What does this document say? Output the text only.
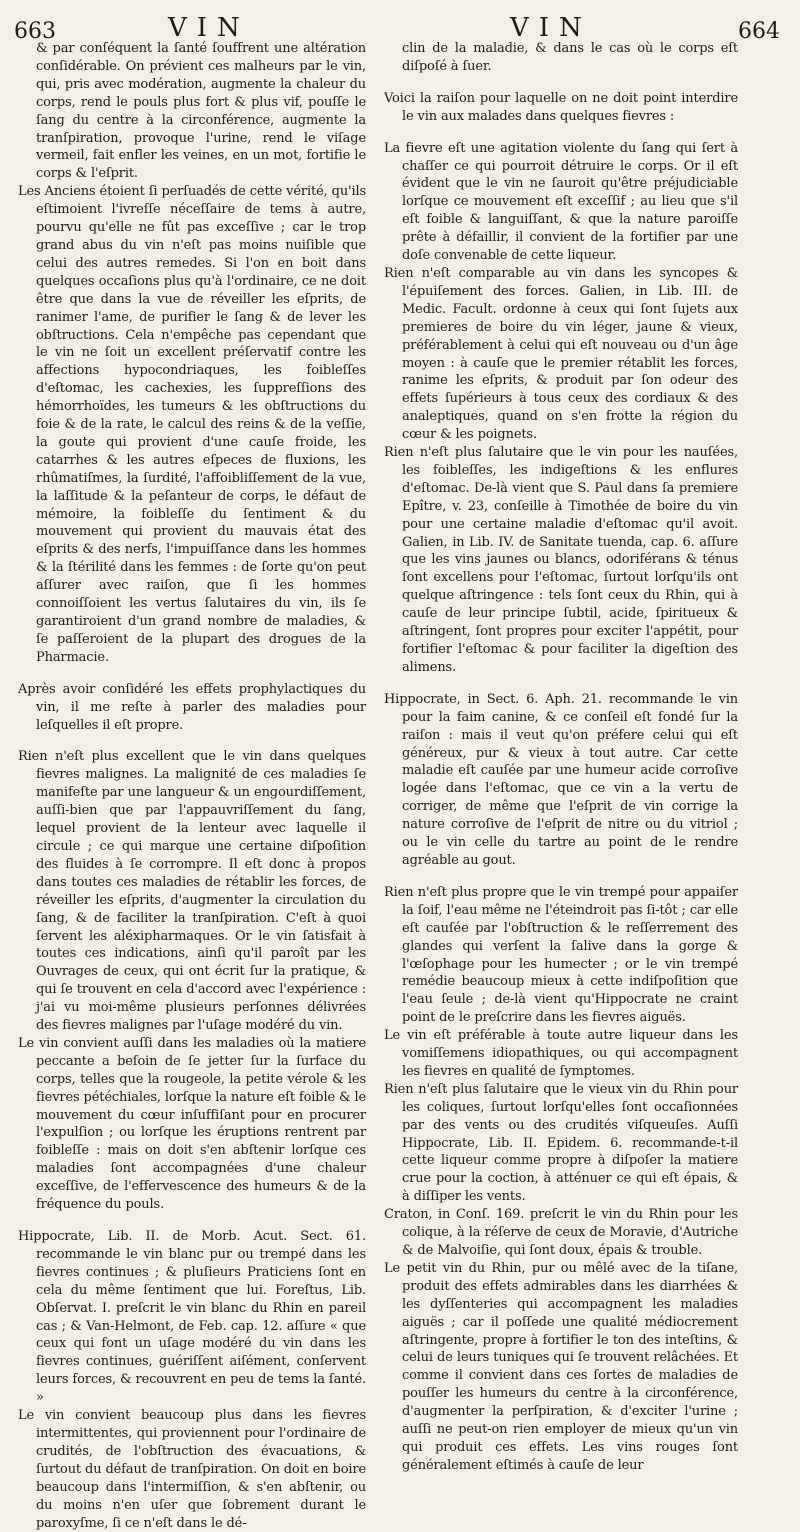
663	VIN	VIN	664

& par conſéquent la ſanté ſouffrent une altération conſidérable. On prévient ces malheurs par le vin, qui, pris avec modération, augmente la chaleur du corps, rend le pouls plus fort & plus vif, pouſſe le ſang du centre à la circonférence, augmente la tranſpiration, provoque l'urine, rend le viſage vermeil, fait enfler les veines, en un mot, fortifie le corps & l'eſprit.

Les Anciens étoient ſi perſuadés de cette vérité, qu'ils eſtimoient l'ivreſſe néceſſaire de tems à autre, pourvu qu'elle ne fût pas exceſſive ; car le trop grand abus du vin n'eſt pas moins nuiſible que celui des autres remedes. Si l'on en boit dans quelques occaſions plus qu'à l'ordinaire, ce ne doit être que dans la vue de réveiller les eſprits, de ranimer l'ame, de purifier le ſang & de lever les obſtructions. Cela n'empêche pas cependant que le vin ne ſoit un excellent préſervatif contre les affections hypocondriaques, les foibleſſes d'eſtomac, les cachexies, les ſuppreſſions des hémorrhoïdes, les tumeurs & les obſtructions du foie & de la rate, le calcul des reins & de la veſſie, la goute qui provient d'une cauſe froide, les catarrhes & les autres eſpeces de fluxions, les rhûmatiſmes, la ſurdité, l'affoibliſſement de la vue, la laſſitude & la peſanteur de corps, le défaut de mémoire, la foibleſſe du ſentiment & du mouvement qui provient du mauvais état des eſprits & des nerfs, l'impuiſſance dans les hommes & la ſtérilité dans les femmes : de ſorte qu'on peut aſſurer avec raiſon, que ſi les hommes connoiſſoient les vertus ſalutaires du vin, ils ſe garantiroient d'un grand nombre de maladies, & ſe paſſeroient de la plupart des drogues de la Pharmacie.

Après avoir conſidéré les effets prophylactiques du vin, il me reſte à parler des maladies pour leſquelles il eſt propre.

Rien n'eſt plus excellent que le vin dans quelques fievres malignes. La malignité de ces maladies ſe manifeſte par une langueur & un engourdiſſement, auſſi-bien que par l'appauvriſſement du ſang, lequel provient de la lenteur avec laquelle il circule ; ce qui marque une certaine diſpoſition des fluides à ſe corrompre. Il eſt donc à propos dans toutes ces maladies de rétablir les forces, de réveiller les eſprits, d'augmenter la circulation du ſang, & de faciliter la tranſpiration. C'eſt à quoi ſervent les aléxipharmaques. Or le vin ſatisfait à toutes ces indications, ainſi qu'il paroît par les Ouvrages de ceux, qui ont écrit ſur la pratique, & qui ſe trouvent en cela d'accord avec l'expérience : j'ai vu moi-même plusieurs perſonnes délivrées des fievres malignes par l'uſage modéré du vin.

Le vin convient auſſi dans les maladies où la matiere peccante a beſoin de ſe jetter ſur la ſurface du corps, telles que la rougeole, la petite vérole & les fievres pétéchiales, lorſque la nature eſt foible & le mouvement du cœur inſuffiſant pour en procurer l'expulſion ; ou lorſque les éruptions rentrent par foibleſſe : mais on doit s'en abſtenir lorſque ces maladies ſont accompagnées d'une chaleur exceſſive, de l'effervescence des humeurs & de la fréquence du pouls.

Hippocrate, Lib. II. de Morb. Acut. Sect. 61. recommande le vin blanc pur ou trempé dans les fievres continues ; & pluſieurs Praticiens ſont en cela du même ſentiment que lui. Foreſtus, Lib. Obſervat. I. preſcrit le vin blanc du Rhin en pareil cas ; & Van-Helmont, de Feb. cap. 12. aſſure « que ceux qui font un uſage modéré du vin dans les fievres continues, guériſſent aiſément, conſervent leurs forces, & recouvrent en peu de tems la ſanté. »

Le vin convient beaucoup plus dans les fievres intermittentes, qui proviennent pour l'ordinaire de crudités, de l'obſtruction des évacuations, & ſurtout du défaut de tranſpiration. On doit en boire beaucoup dans l'intermiſſion, & s'en abſtenir, ou du moins n'en uſer que ſobrement durant le paroxyſme, ſi ce n'eſt dans le dé-

clin de la maladie, & dans le cas où le corps eſt diſpoſé à ſuer.

Voici la raiſon pour laquelle on ne doit point interdire le vin aux malades dans quelques fievres :

La fievre eſt une agitation violente du ſang qui ſert à chaſſer ce qui pourroit détruire le corps. Or il eſt évident que le vin ne ſauroit qu'être préjudiciable lorſque ce mouvement eſt exceſſif ; au lieu que s'il eſt foible & languiſſant, & que la nature paroiſſe prête à défaillir, il convient de la fortifier par une doſe convenable de cette liqueur.

Rien n'eſt comparable au vin dans les syncopes & l'épuiſement des forces. Galien, in Lib. III. de Medic. Facult. ordonne à ceux qui ſont ſujets aux premieres de boire du vin léger, jaune & vieux, préférablement à celui qui eſt nouveau ou d'un âge moyen : à cauſe que le premier rétablit les forces, ranime les eſprits, & produit par ſon odeur des effets ſupérieurs à tous ceux des cordiaux & des analeptiques, quand on s'en frotte la région du cœur & les poignets.

Rien n'eſt plus ſalutaire que le vin pour les nauſées, les foibleſſes, les indigeſtions & les enflures d'eſtomac. De-là vient que S. Paul dans ſa premiere Epître, v. 23, conſeille à Timothée de boire du vin pour une certaine maladie d'eſtomac qu'il avoit. Galien, in Lib. IV. de Sanitate tuenda, cap. 6. aſſure que les vins jaunes ou blancs, odoriférans & ténus ſont excellens pour l'eſtomac, ſurtout lorſqu'ils ont quelque aſtringence : tels ſont ceux du Rhin, qui à cauſe de leur principe ſubtil, acide, ſpiritueux & aſtringent, ſont propres pour exciter l'appétit, pour fortifier l'eſtomac & pour faciliter la digeſtion des alimens.

Hippocrate, in Sect. 6. Aph. 21. recommande le vin pour la faim canine, & ce conſeil eſt fondé ſur la raiſon : mais il veut qu'on préfere celui qui eſt généreux, pur & vieux à tout autre. Car cette maladie eſt cauſée par une humeur acide corroſive logée dans l'eſtomac, que ce vin a la vertu de corriger, de même que l'eſprit de vin corrige la nature corroſive de l'eſprit de nitre ou du vitriol ; ou le vin celle du tartre au point de le rendre agréable au gout.

Rien n'eſt plus propre que le vin trempé pour appaiſer la ſoif, l'eau même ne l'éteindroit pas ſi-tôt ; car elle eſt cauſée par l'obſtruction & le reſſerrement des glandes qui verſent la ſalive dans la gorge & l'œſophage pour les humecter ; or le vin trempé remédie beaucoup mieux à cette indiſpoſition que l'eau ſeule ; de-là vient qu'Hippocrate ne craint point de le preſcrire dans les fievres aiguës.

Le vin eſt préférable à toute autre liqueur dans les vomiſſemens idiopathiques, ou qui accompagnent les fievres en qualité de ſymptomes.

Rien n'eſt plus ſalutaire que le vieux vin du Rhin pour les coliques, ſurtout lorſqu'elles ſont occaſionnées par des vents ou des crudités viſqueuſes. Auſſi Hippocrate, Lib. II. Epidem. 6. recommande-t-il cette liqueur comme propre à diſpoſer la matiere crue pour la coction, à atténuer ce qui eſt épais, & à diſſiper les vents.

Craton, in Conſ. 169. preſcrit le vin du Rhin pour les colique, à la réſerve de ceux de Moravie, d'Autriche & de Malvoiſie, qui ſont doux, épais & trouble.

Le petit vin du Rhin, pur ou mêlé avec de la tiſane, produit des effets admirables dans les diarrhées & les dyſſenteries qui accompagnent les maladies aiguës ; car il poſſede une qualité médiocrement aſtringente, propre à fortifier le ton des inteſtins, & celui de leurs tuniques qui ſe trouvent relâchées. Et comme il convient dans ces ſortes de maladies de pouſſer les humeurs du centre à la circonférence, d'augmenter la perſpiration, & d'exciter l'urine ; auſſi ne peut-on rien employer de mieux qu'un vin qui produit ces effets. Les vins rouges ſont généralement eſtimés à cauſe de leur
